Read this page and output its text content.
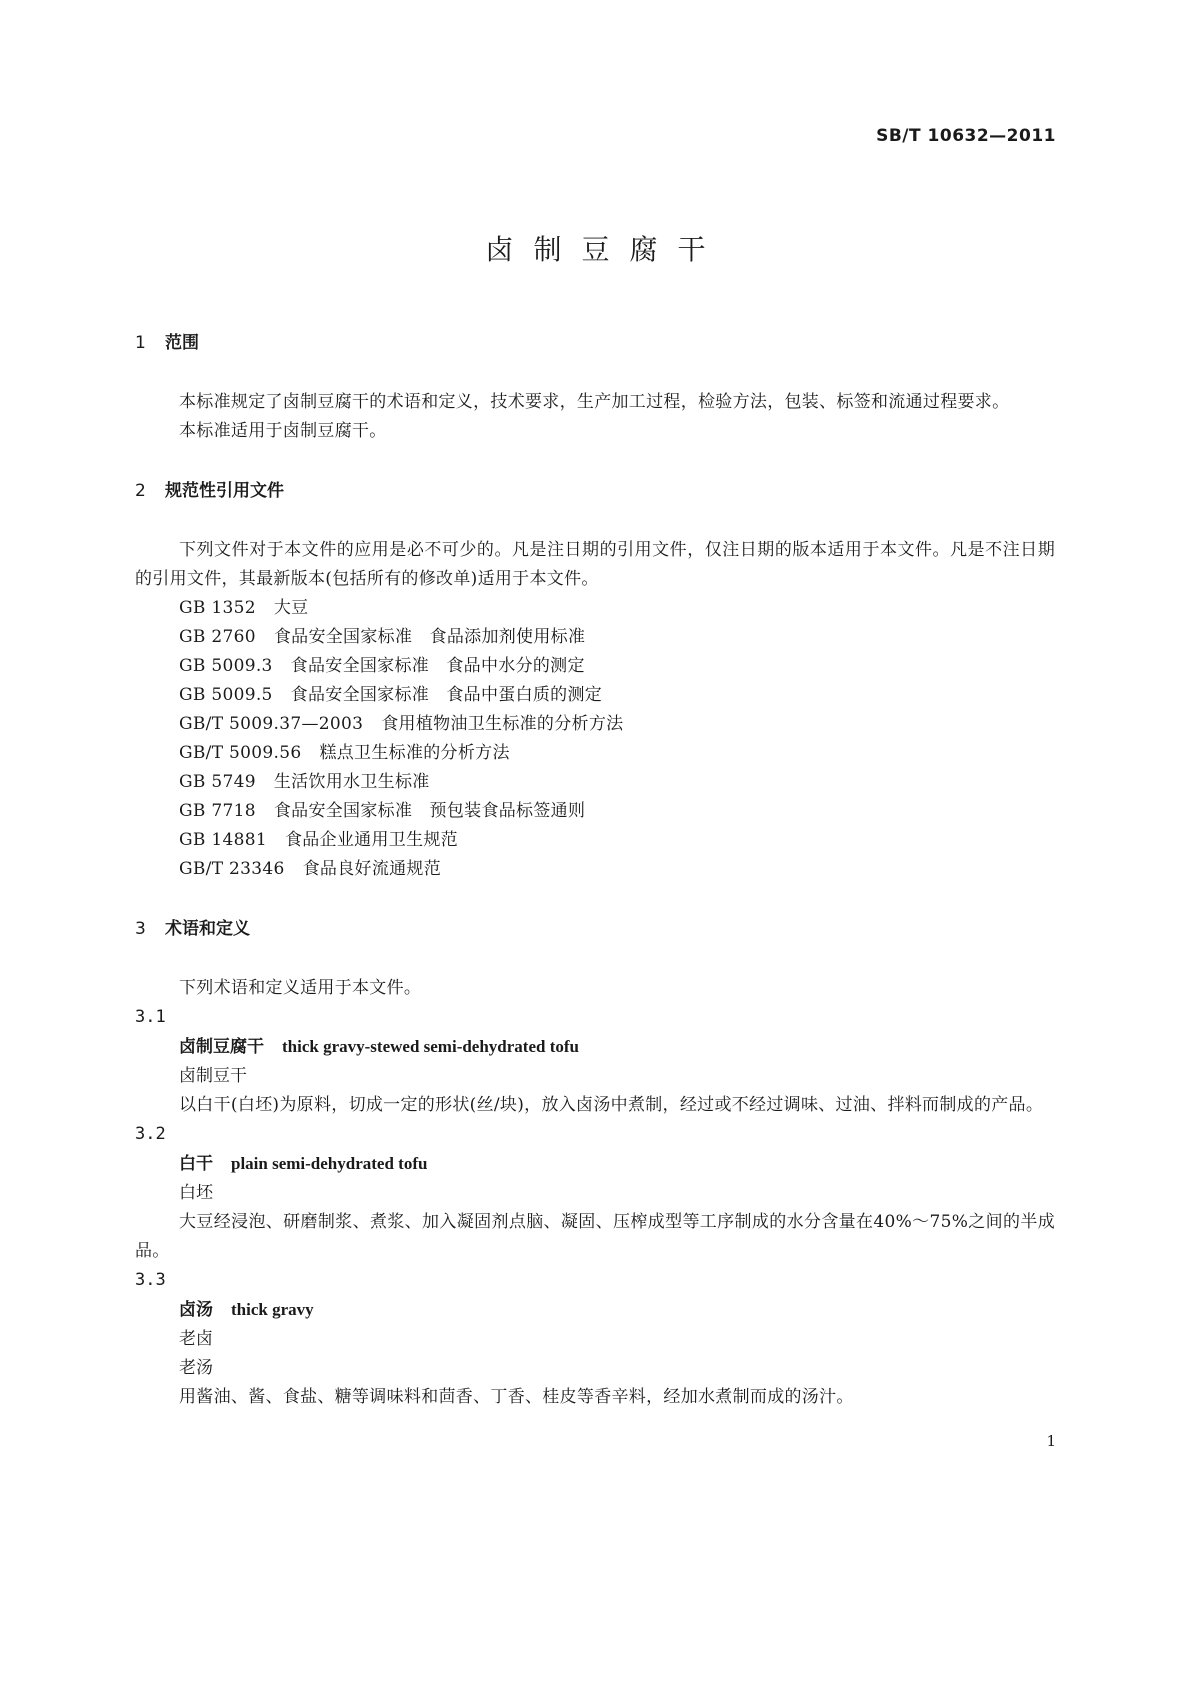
SB/T 10632—2011
卤制豆腐干
1 范围

本标准规定了卤制豆腐干的术语和定义，技术要求，生产加工过程，检验方法，包装、标签和流通过程要求。

本标准适用于卤制豆腐干。

2 规范性引用文件

下列文件对于本文件的应用是必不可少的。凡是注日期的引用文件，仅注日期的版本适用于本文件。凡是不注日期的引用文件，其最新版本(包括所有的修改单)适用于本文件。

GB 1352 大豆
GB 2760 食品安全国家标准　食品添加剂使用标准
GB 5009.3 食品安全国家标准　食品中水分的测定
GB 5009.5 食品安全国家标准　食品中蛋白质的测定
GB/T 5009.37—2003 食用植物油卫生标准的分析方法
GB/T 5009.56 糕点卫生标准的分析方法
GB 5749 生活饮用水卫生标准
GB 7718 食品安全国家标准　预包装食品标签通则
GB 14881 食品企业通用卫生规范
GB/T 23346 食品良好流通规范
3 术语和定义

下列术语和定义适用于本文件。

3.1

卤制豆腐干 thick gravy-stewed semi-dehydrated tofu

卤制豆干

以白干(白坯)为原料，切成一定的形状(丝/块)，放入卤汤中煮制，经过或不经过调味、过油、拌料而制成的产品。

3.2

白干 plain semi-dehydrated tofu

白坯

大豆经浸泡、研磨制浆、煮浆、加入凝固剂点脑、凝固、压榨成型等工序制成的水分含量在40%～75%之间的半成品。

3.3

卤汤 thick gravy

老卤

老汤

用酱油、酱、食盐、糖等调味料和茴香、丁香、桂皮等香辛料，经加水煮制而成的汤汁。

1
